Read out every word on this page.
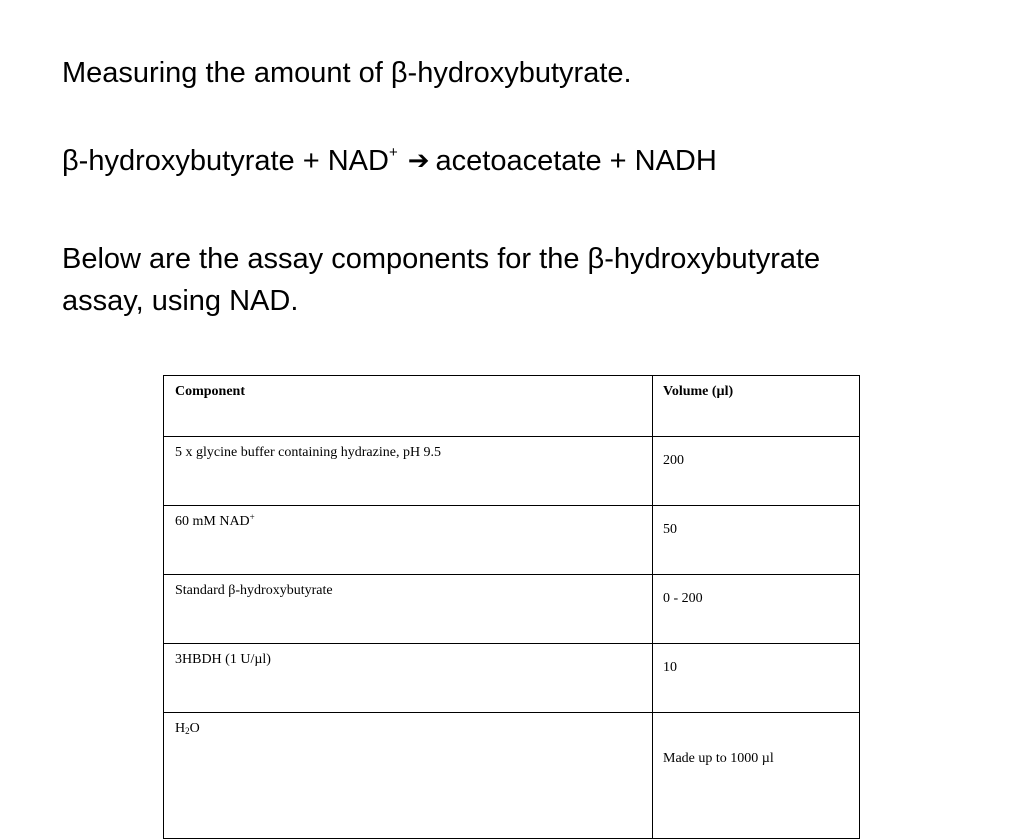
Measuring the amount of β-hydroxybutyrate.
β-hydroxybutyrate + NAD+ ➔ acetoacetate + NADH
Below are the assay components for the β-hydroxybutyrate
assay, using NAD.
Component	Volume (µl)
5 x glycine buffer containing hydrazine, pH 9.5	200
60 mM NAD+	50
Standard β-hydroxybutyrate	0 - 200
3HBDH (1 U/µl)	10
$H_2O$	Made up to 1000 µl
